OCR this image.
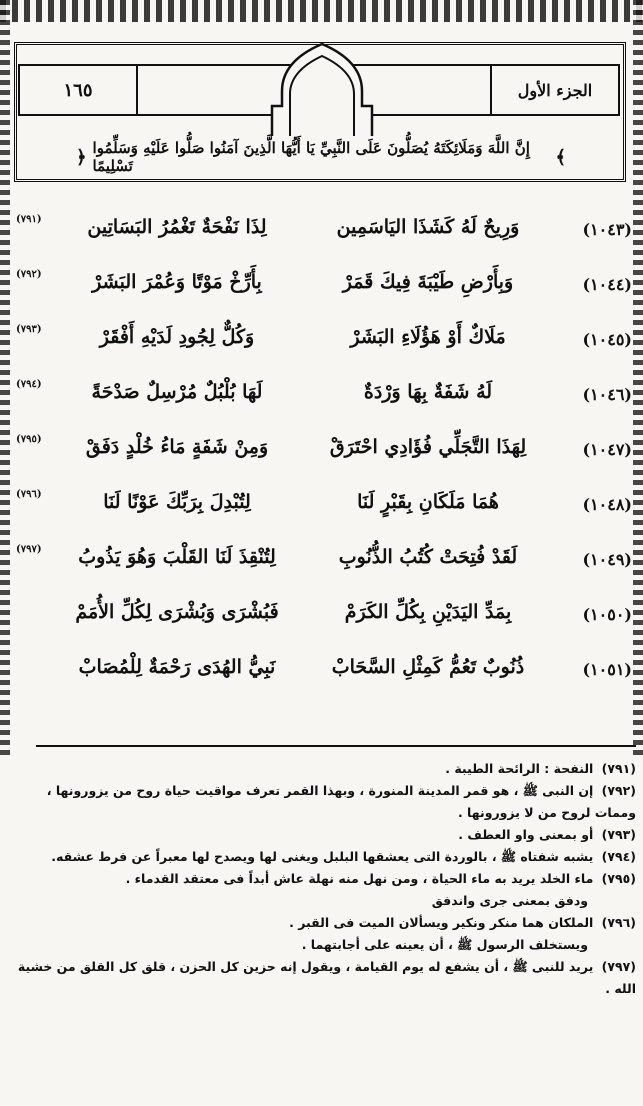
١٦٥	الجزء الأول
﴿ إِنَّ اللَّهَ وَمَلَائِكَتَهُ يُصَلُّونَ عَلَى النَّبِيِّ يَا أَيُّهَا الَّذِينَ آمَنُوا صَلُّوا عَلَيْهِ وَسَلِّمُوا تَسْلِيمًا	﴾
(١٠٤٣)
وَرِيحٌ لَهُ كَشَذَا اليَاسَمِين
لِذَا نَفْحَةٌ تَغْمُرُ البَسَاتِين
(٧٩١)
(١٠٤٤)
وَبِأَرْضِ طَيْبَةَ فِيكَ قَمَرْ
بِأَرِّخْ مَوْتًا وَعُمْرَ البَشَرْ
(٧٩٢)
(١٠٤٥)
مَلَاكٌ أَوْ هَؤُلَاءِ البَشَرْ
وَكُلٌّ لِجُودِ لَدَيْهِ أَفْقَرْ
(٧٩٣)
(١٠٤٦)
لَهُ شَفَةٌ بِهَا وَرْدَةٌ
لَهَا بُلْبُلٌ مُرْسِلٌ صَدْحَةً
(٧٩٤)
(١٠٤٧)
لِهَذَا التَّجَلِّي فُؤَادِي احْتَرَقْ
وَمِنْ شَفَةٍ مَاءُ خُلْدٍ دَفَقْ
(٧٩٥)
(١٠٤٨)
هُمَا مَلَكَانِ بِقَبْرٍ لَنَا
لِتُبْدِلَ بِرَبِّكَ عَوْنًا لَنَا
(٧٩٦)
(١٠٤٩)
لَقَدْ فُتِحَتْ كُتُبُ الذُّنُوبِ
لِتُنْقِذَ لَنَا القَلْبَ وَهُوَ يَذُوبُ
(٧٩٧)
(١٠٥٠)
بِمَدِّ اليَدَيْنِ بِكُلِّ الكَرَمْ
فَبُشْرَى وَبُشْرَى لِكُلِّ الأُمَمْ
(١٠٥١)
ذُنُوبٌ تَعُمُّ كَمِثْلِ السَّحَابْ
نَبِيُّ الهُدَى رَحْمَةٌ لِلْمُصَابْ
(٧٩١) النفحة : الرائحة الطيبة .
(٧٩٢) إن النبى ﷺ ، هو قمر المدينة المنورة ، وبهذا القمر تعرف مواقيت حياة روح من يزورونها ، وممات لروح من لا يزورونها .
(٧٩٣) أو بمعنى واو العطف .
(٧٩٤) يشبه شفتاه ﷺ ، بالوردة التى يعشقها البلبل ويغنى لها ويصدح لها معبراً عن فرط عشقه.
(٧٩٥) ماء الخلد يريد به ماء الحياة ، ومن نهل منه نهلة عاش أبداً فى معتقد القدماء .
ودفق بمعنى جرى واندفق
(٧٩٦) الملكان هما منكر ونكير ويسألان الميت فى القبر .
ويستخلف الرسول ﷺ ، أن يعينه على أجابتهما .
(٧٩٧) يريد للنبى ﷺ ، أن يشفع له يوم القيامة ، ويقول إنه حزين كل الحزن ، قلق كل القلق من خشية الله .
